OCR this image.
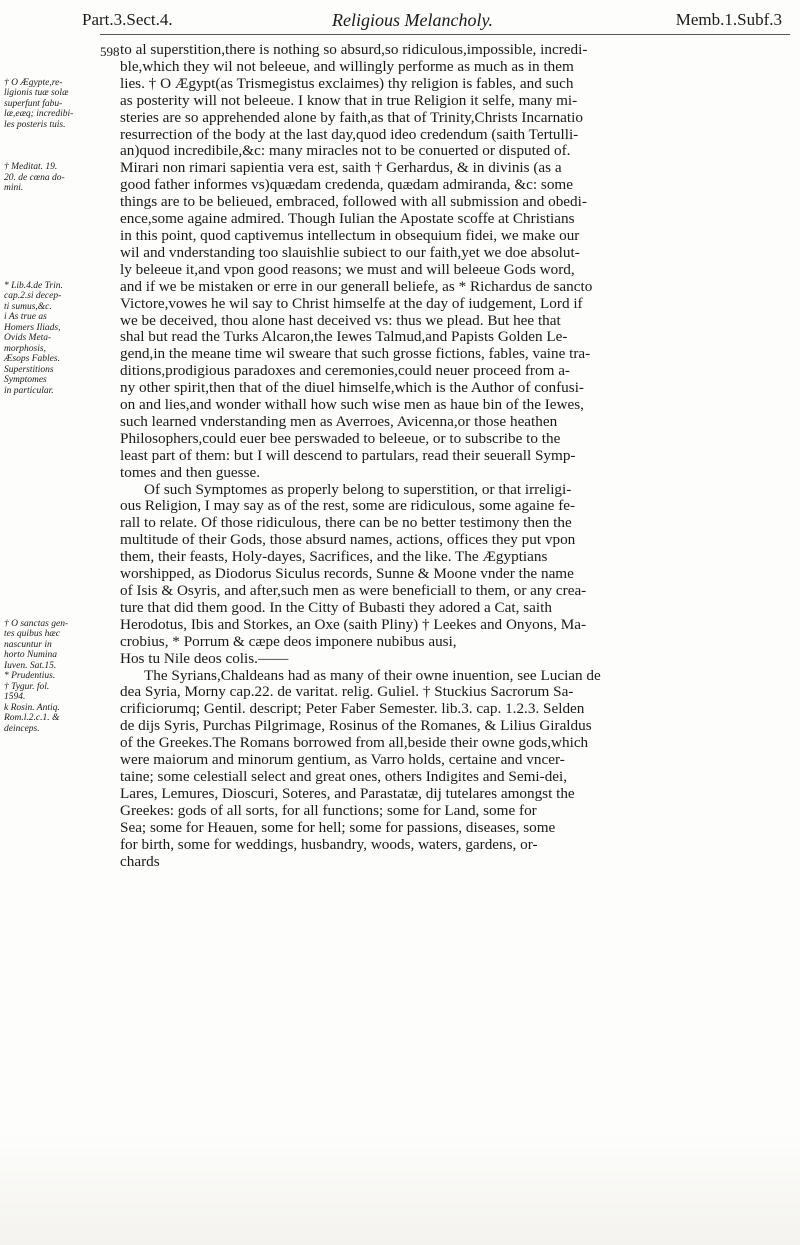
Part.3.Sect.4.	Religious Melancholy.	Memb.1.Subf.3
598
† O Ægypte,re-
ligionis tuæ solæ
superfunt fabu-
læ,eæq; incredibi-
les posteris tuis.
† Meditat. 19.
20. de cœna do-
mini.
* Lib.4.de Trin.
cap.2.si decep-
ti sumus,&c.
i As true as
Homers Iliads,
Ovids Meta-
morphosis,
Æsops Fables.
Superstitions
Symptomes
in particular.
† O sanctas gen-
tes quibus hæc
nascuntur in
horto Numina
Iuven. Sat.15.
* Prudentius.
† Tygur. fol.
1594.
k Rosin. Antiq.
Rom.l.2.c.1. &
deinceps.
to al superstition,there is nothing so absurd,so ridiculous,impossible, incredi-
ble,which they wil not beleeue, and willingly performe as much as in them
lies. † O Ægypt(as Trismegistus exclaimes) thy religion is fables, and such
as posterity will not beleeue. I know that in true Religion it selfe, many mi-
steries are so apprehended alone by faith,as that of Trinity,Christs Incarnatio
resurrection of the body at the last day,quod ideo credendum (saith Tertulli-
an)quod incredibile,&c: many miracles not to be conuerted or disputed of.
Mirari non rimari sapientia vera est, saith † Gerhardus, & in divinis (as a
good father informes vs)quædam credenda, quædam admiranda, &c: some
things are to be belieued, embraced, followed with all submission and obedi-
ence,some againe admired. Though Iulian the Apostate scoffe at Christians
in this point, quod captivemus intellectum in obsequium fidei, we make our
wil and vnderstanding too slauishlie subiect to our faith,yet we doe absolut-
ly beleeue it,and vpon good reasons; we must and will beleeue Gods word,
and if we be mistaken or erre in our generall beliefe, as * Richardus de sancto
Victore,vowes he wil say to Christ himselfe at the day of iudgement, Lord if
we be deceived, thou alone hast deceived vs: thus we plead. But hee that
shal but read the Turks Alcaron,the Iewes Talmud,and Papists Golden Le-
gend,in the meane time wil sweare that such grosse fictions, fables, vaine tra-
ditions,prodigious paradoxes and ceremonies,could neuer proceed from a-
ny other spirit,then that of the diuel himselfe,which is the Author of confusi-
on and lies,and wonder withall how such wise men as haue bin of the Iewes,
such learned vnderstanding men as Averroes, Avicenna,or those heathen
Philosophers,could euer bee perswaded to beleeue, or to subscribe to the
least part of them: but I will descend to partulars, read their seuerall Symp-
tomes and then guesse.
Of such Symptomes as properly belong to superstition, or that irreligi-
ous Religion, I may say as of the rest, some are ridiculous, some againe fe-
rall to relate. Of those ridiculous, there can be no better testimony then the
multitude of their Gods, those absurd names, actions, offices they put vpon
them, their feasts, Holy-dayes, Sacrifices, and the like. The Ægyptians
worshipped, as Diodorus Siculus records, Sunne & Moone vnder the name
of Isis & Osyris, and after,such men as were beneficiall to them, or any crea-
ture that did them good. In the Citty of Bubasti they adored a Cat, saith
Herodotus, Ibis and Storkes, an Oxe (saith Pliny) † Leekes and Onyons, Ma-
crobius, * Porrum & cæpe deos imponere nubibus ausi,
Hos tu Nile deos colis.——
The Syrians,Chaldeans had as many of their owne inuention, see Lucian de
dea Syria, Morny cap.22. de varitat. relig. Guliel. † Stuckius Sacrorum Sa-
crificiorumq; Gentil. descript; Peter Faber Semester. lib.3. cap. 1.2.3. Selden
de dijs Syris, Purchas Pilgrimage, Rosinus of the Romanes, & Lilius Giraldus
of the Greekes.The Romans borrowed from all,beside their owne gods,which
were maiorum and minorum gentium, as Varro holds, certaine and vncer-
taine; some celestiall select and great ones, others Indigites and Semi-dei,
Lares, Lemures, Dioscuri, Soteres, and Parastatæ, dij tutelares amongst the
Greekes: gods of all sorts, for all functions; some for Land, some for
Sea; some for Heauen, some for hell; some for passions, diseases, some
for birth, some for weddings, husbandry, woods, waters, gardens, or-
chards
